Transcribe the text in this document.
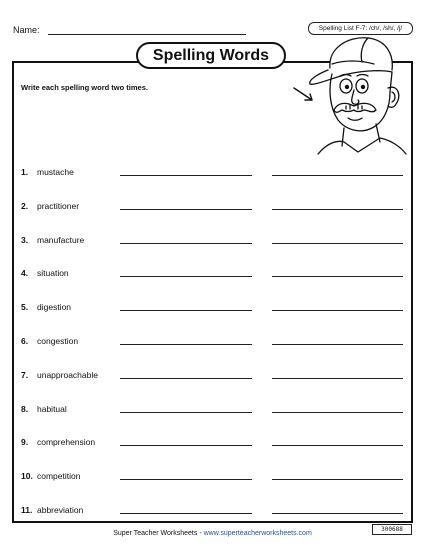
Name:	Spelling List F-7: /ch/, /sh/, /j/
Spelling Words
Write each spelling word two times.
1. mustache
2. practitioner
3. manufacture
4. situation
5. digestion
6. congestion
7. unapproachable
8. habitual
9. comprehension
10. competition
11. abbreviation
Super Teacher Worksheets - www.superteacherworksheets.com
300688
